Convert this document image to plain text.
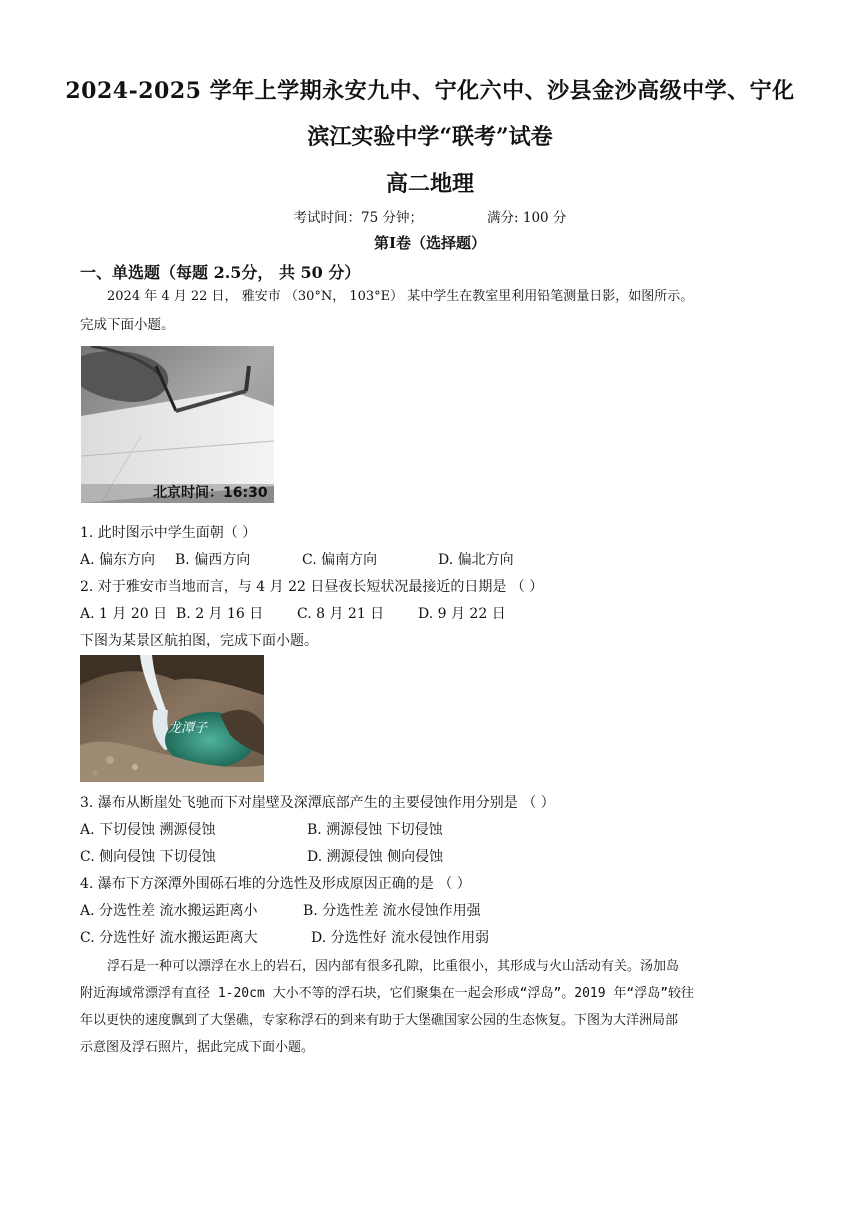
2024-2025 学年上学期永安九中、宁化六中、沙县金沙高级中学、宁化
滨江实验中学“联考”试卷
高二地理
考试时间：75 分钟；	满分: 100 分
第Ⅰ卷（选择题）
一、单选题（每题 2.5分， 共 50 分）
2024 年 4 月 22 日， 雅安市 （30°N， 103°E） 某中学生在教室里利用铅笔测量日影，如图所示。
完成下面小题。
北京时间：16:30
1. 此时图示中学生面朝（ ）
A. 偏东方向 B. 偏西方向	C. 偏南方向	D. 偏北方向
2. 对于雅安市当地而言，与 4 月 22 日昼夜长短状况最接近的日期是 （ ）
A. 1 月 20 日 B. 2 月 16 日 C. 8 月 21 日 D. 9 月 22 日
下图为某景区航拍图，完成下面小题。
龙潭子
3. 瀑布从断崖处飞驰而下对崖壁及深潭底部产生的主要侵蚀作用分别是 （ ）
A. 下切侵蚀 溯源侵蚀	B. 溯源侵蚀 下切侵蚀
C. 侧向侵蚀 下切侵蚀	D. 溯源侵蚀 侧向侵蚀
4. 瀑布下方深潭外围砾石堆的分选性及形成原因正确的是 （ ）
A. 分选性差 流水搬运距离小	B. 分选性差 流水侵蚀作用强
C. 分选性好 流水搬运距离大	D. 分选性好 流水侵蚀作用弱
浮石是一种可以漂浮在水上的岩石，因内部有很多孔隙，比重很小，其形成与火山活动有关。汤加岛
附近海域常漂浮有直径 1-20cm 大小不等的浮石块，它们聚集在一起会形成“浮岛”。2019 年“浮岛”较往
年以更快的速度飘到了大堡礁，专家称浮石的到来有助于大堡礁国家公园的生态恢复。下图为大洋洲局部
示意图及浮石照片，据此完成下面小题。
